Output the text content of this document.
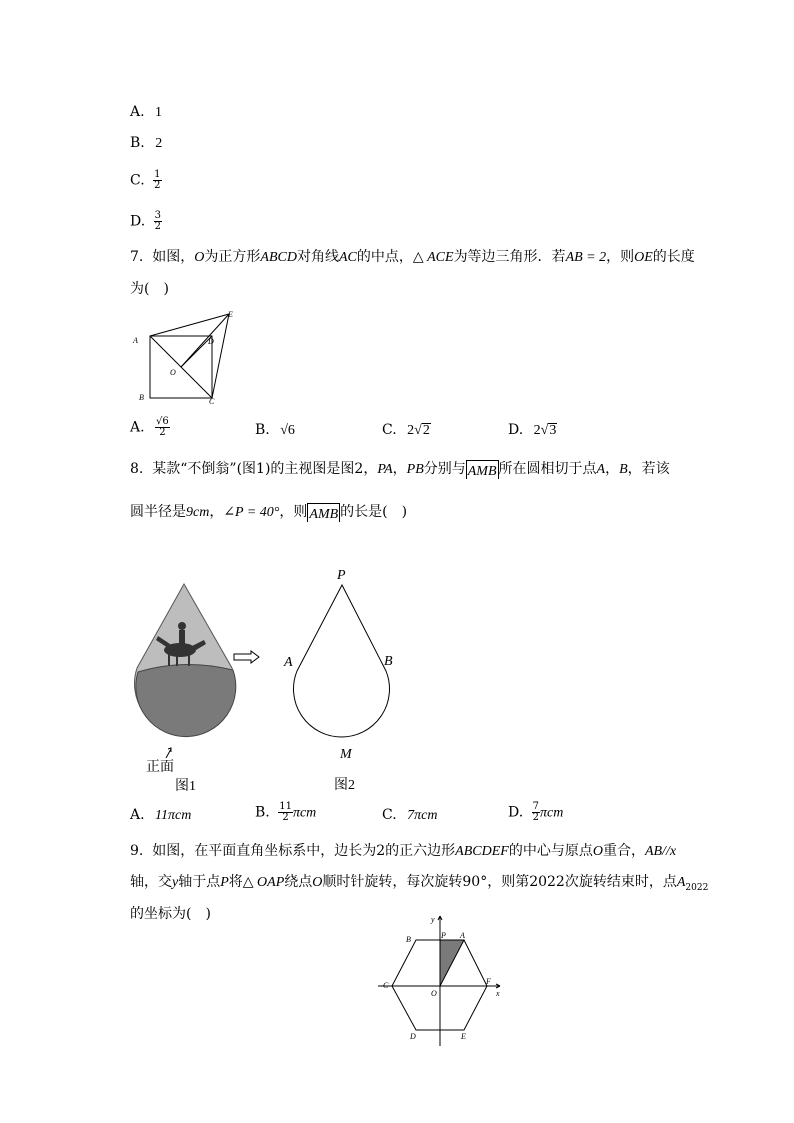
A. 1
B. 2
C. $\frac{1}{2}$
D. $\frac{3}{2}$
7. 如图，O为正方形ABCD对角线AC的中点，△ ACE为等边三角形．若AB = 2，则OE的长度
为(　)
A
B	C
D
E
O
A. $\frac{√6}{2}$	B. √6	C. 2√2	D. 2√3
8. 某款“不倒翁”(图1)的主视图是图2，PA，PB分别与 AMB 所在圆相切于点A，B，若该
圆半径是9cm，∠P = 40°，则 AMB 的长是(　)
正面
图1
P
A	B
M
图2
A. 11πcm	B. $\frac{11}{2}$ πcm	C. 7πcm	D. $\frac{7}{2}$ πcm
9. 如图，在平面直角坐标系中，边长为2的正六边形ABCDEF的中心与原点O重合，AB//x
轴，交y轴于点P将△ OAP绕点O顺时针旋转，每次旋转90°，则第2022次旋转结束时，点$A_{2022}$
的坐标为(　)
A
B
C
D	E
F
O
P
x
y
